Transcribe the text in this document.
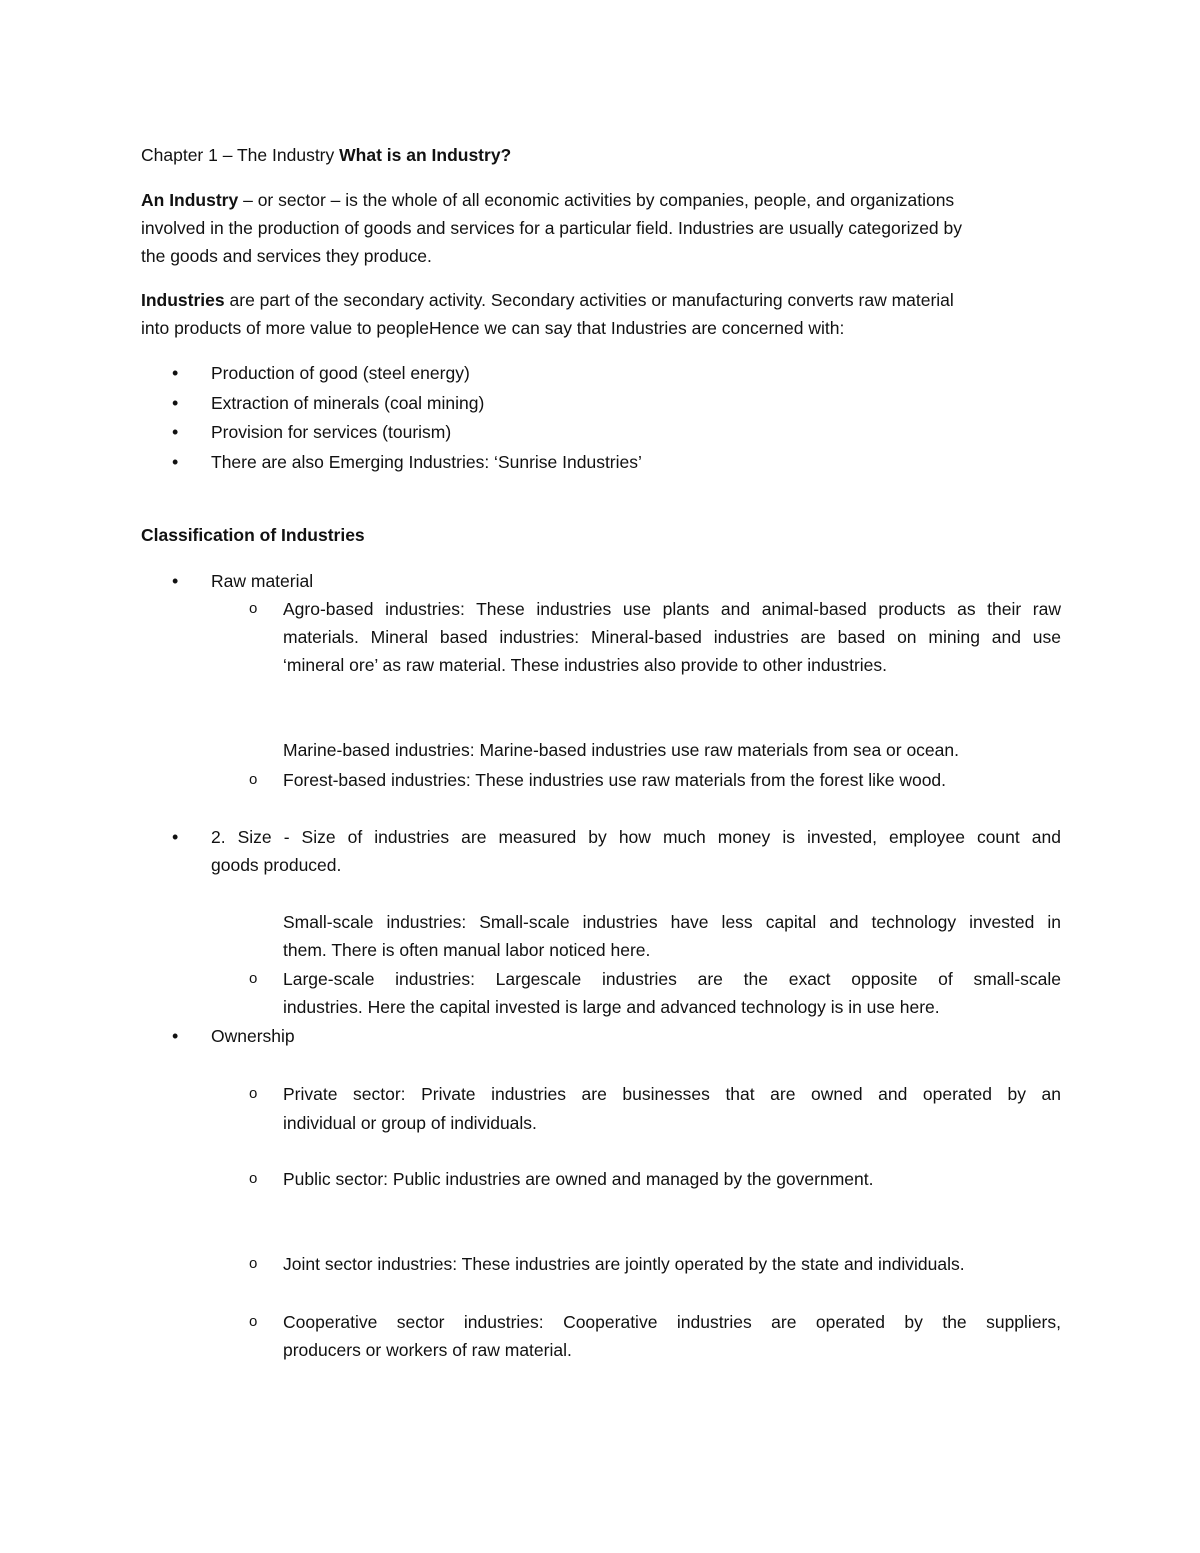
Chapter 1 – The Industry What is an Industry?
An Industry – or sector – is the whole of all economic activities by companies, people, and organizations
involved in the production of goods and services for a particular field. Industries are usually categorized by
the goods and services they produce.
Industries are part of the secondary activity. Secondary activities or manufacturing converts raw material
into products of more value to peopleHence we can say that Industries are concerned with:
• Production of good (steel energy)
• Extraction of minerals (coal mining)
• Provision for services (tourism)
• There are also Emerging Industries: ‘Sunrise Industries’
Classification of Industries
• Raw material
o Agro-based industries: These industries use plants and animal-based products as their raw
materials. Mineral based industries: Mineral-based industries are based on mining and use
‘mineral ore’ as raw material. These industries also provide to other industries.
Marine-based industries: Marine-based industries use raw materials from sea or ocean.
o Forest-based industries: These industries use raw materials from the forest like wood.
• 2. Size - Size of industries are measured by how much money is invested, employee count and
goods produced.
Small-scale industries: Small-scale industries have less capital and technology invested in
them. There is often manual labor noticed here.
o Large-scale industries: Largescale industries are the exact opposite of small-scale
industries. Here the capital invested is large and advanced technology is in use here.
• Ownership
o Private sector: Private industries are businesses that are owned and operated by an
individual or group of individuals.
o Public sector: Public industries are owned and managed by the government.
o Joint sector industries: These industries are jointly operated by the state and individuals.
o Cooperative sector industries: Cooperative industries are operated by the suppliers,
producers or workers of raw material.
